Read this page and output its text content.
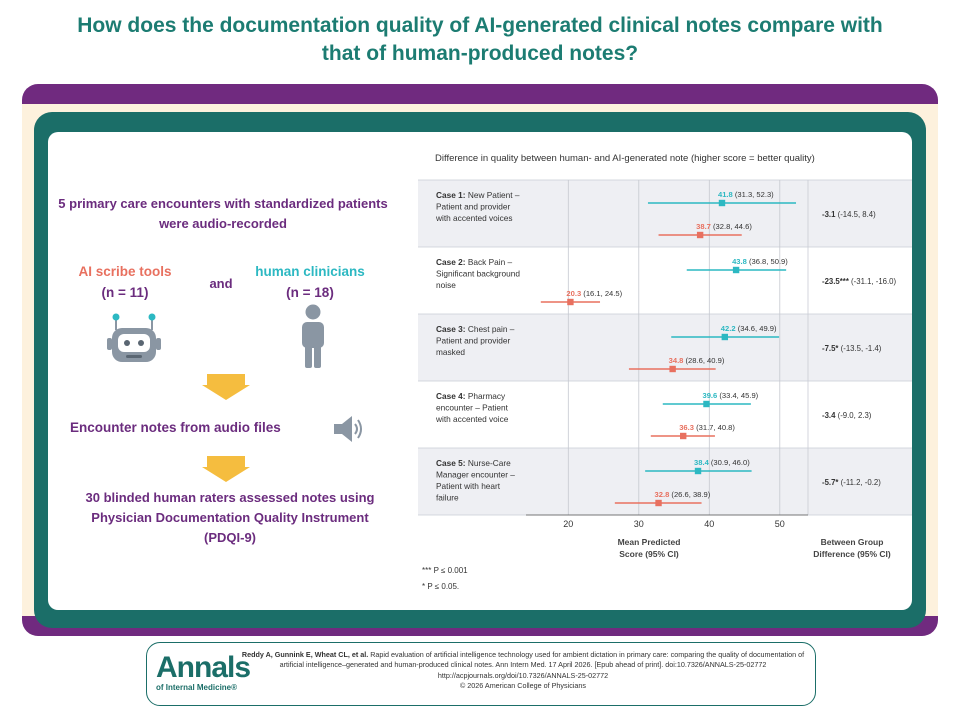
How does the documentation quality of AI-generated clinical notes compare with that of human-produced notes?
5 primary care encounters with standardized patients were audio-recorded
AI scribe tools
(n = 11)
and
human clinicians
(n = 18)
Encounter notes from audio files
30 blinded human raters assessed notes using Physician Documentation Quality Instrument (PDQI-9)
Difference in quality between human- and AI-generated note (higher score = better quality)
20	30	40	50
Mean Predicted
Score (95% CI)
Between Group
Difference (95% CI)
Case 1: New Patient –
Patient and provider
with accented voices
41.8 (31.3, 52.3)
38.7 (32.8, 44.6)
-3.1 (-14.5, 8.4)
Case 2: Back Pain –
Significant background
noise
43.8 (36.8, 50.9)
20.3 (16.1, 24.5)
-23.5*** (-31.1, -16.0)
Case 3: Chest pain –
Patient and provider
masked
42.2 (34.6, 49.9)
34.8 (28.6, 40.9)
-7.5* (-13.5, -1.4)
Case 4: Pharmacy
encounter – Patient
with accented voice
39.6 (33.4, 45.9)
36.3 (31.7, 40.8)
-3.4 (-9.0, 2.3)
Case 5: Nurse-Care
Manager encounter –
Patient with heart
failure
38.4 (30.9, 46.0)
32.8 (26.6, 38.9)
-5.7* (-11.2, -0.2)
*** P ≤ 0.001
* P ≤ 0.05.
Annals
of Internal Medicine®
Reddy A, Gunnink E, Wheat CL, et al. Rapid evaluation of artificial intelligence technology used for ambient dictation in primary care: comparing the quality of documentation of artificial intelligence–generated and human-produced clinical notes. Ann Intern Med. 17 April 2026. [Epub ahead of print]. doi:10.7326/ANNALS-25-02772 http://acpjournals.org/doi/10.7326/ANNALS-25-02772
© 2026 American College of Physicians
